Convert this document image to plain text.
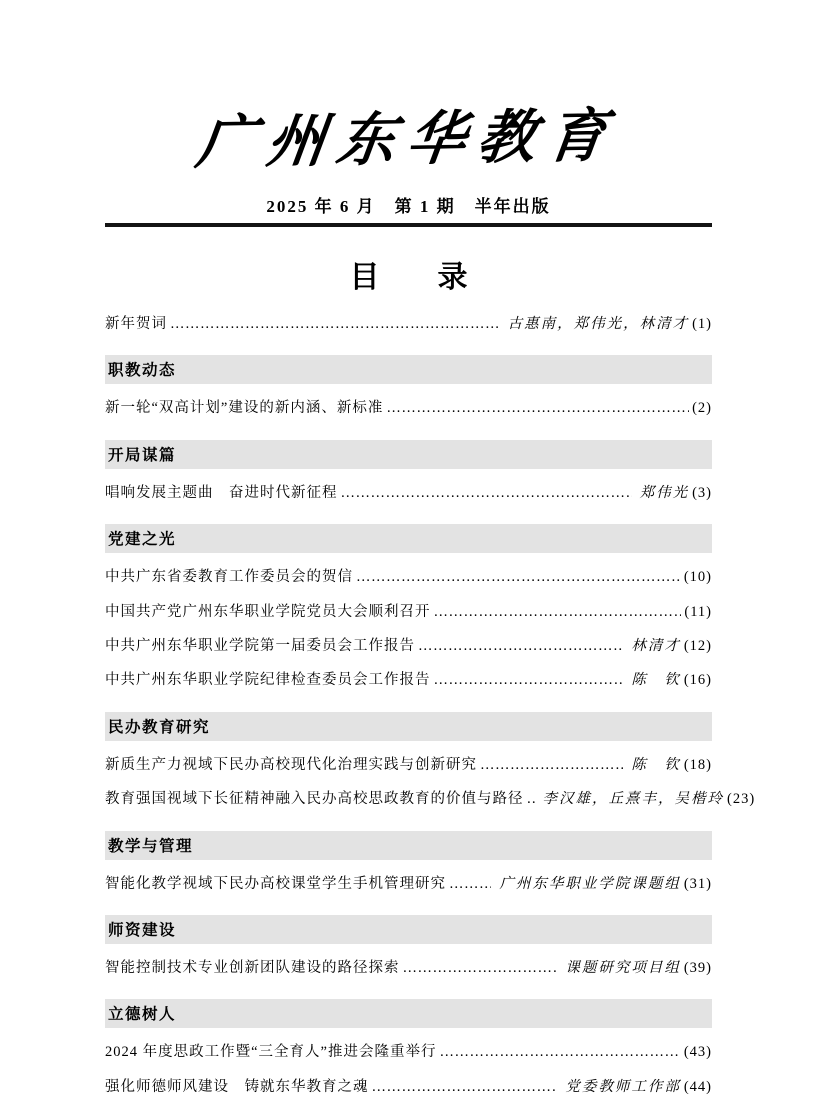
广州东华教育
2025 年 6 月　第 1 期　半年出版
目　录
新年贺词 ……………………………………………………………………………………………………………………………………	古惠南，郑伟光，林清才 (1)
职教动态
新一轮“双高计划”建设的新内涵、新标准 ……………………………………………………………………………………………………………………………………	(2)
开局谋篇
唱响发展主题曲　奋进时代新征程 ……………………………………………………………………………………………………………………………………	郑伟光 (3)
党建之光
中共广东省委教育工作委员会的贺信 ……………………………………………………………………………………………………………………………………	(10)
中国共产党广州东华职业学院党员大会顺利召开 ……………………………………………………………………………………………………………………………………	(11)
中共广州东华职业学院第一届委员会工作报告 ……………………………………………………………………………………………………………………………………	林清才 (12)
中共广州东华职业学院纪律检查委员会工作报告 ……………………………………………………………………………………………………………………………………	陈　钦 (16)
民办教育研究
新质生产力视域下民办高校现代化治理实践与创新研究 ……………………………………………………………………………………………………………………………………	陈　钦 (18)
教育强国视域下长征精神融入民办高校思政教育的价值与路径 ……………………………………………………………………………………………………………………………………	李汉雄，丘熹丰，吴楷玲 (23)
教学与管理
智能化教学视域下民办高校课堂学生手机管理研究 ……………………………………………………………………………………………………………………………………	广州东华职业学院课题组 (31)
师资建设
智能控制技术专业创新团队建设的路径探索 ……………………………………………………………………………………………………………………………………	课题研究项目组 (39)
立德树人
2024 年度思政工作暨“三全育人”推进会隆重举行 ……………………………………………………………………………………………………………………………………	(43)
强化师德师风建设　铸就东华教育之魂 ……………………………………………………………………………………………………………………………………	党委教师工作部 (44)
